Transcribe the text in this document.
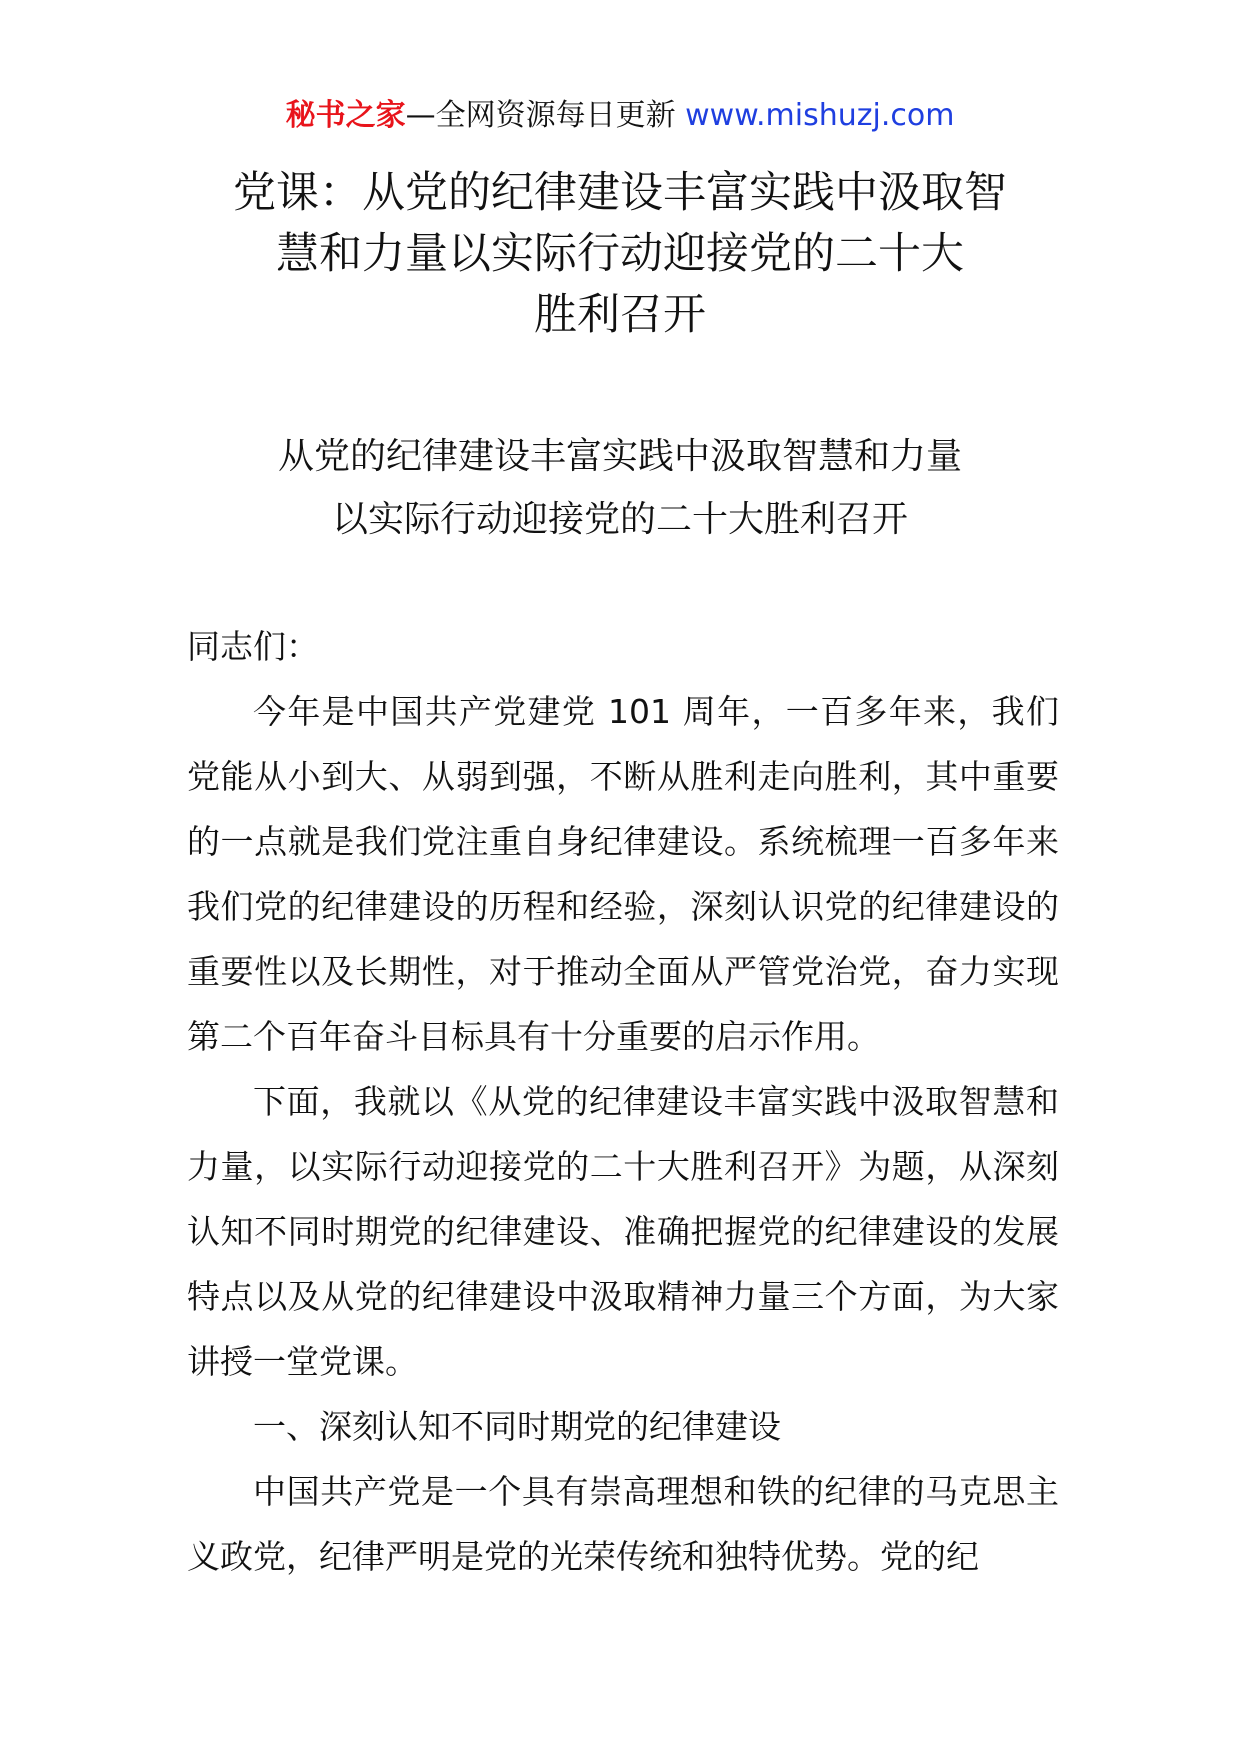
秘书之家—全网资源每日更新 www.mishuzj.com
党课：从党的纪律建设丰富实践中汲取智
慧和力量以实际行动迎接党的二十大
胜利召开
从党的纪律建设丰富实践中汲取智慧和力量
以实际行动迎接党的二十大胜利召开

同志们：

今年是中国共产党建党 101 周年，一百多年来，我们党能从小到大、从弱到强，不断从胜利走向胜利，其中重要的一点就是我们党注重自身纪律建设。系统梳理一百多年来我们党的纪律建设的历程和经验，深刻认识党的纪律建设的重要性以及长期性，对于推动全面从严管党治党，奋力实现第二个百年奋斗目标具有十分重要的启示作用。

下面，我就以《从党的纪律建设丰富实践中汲取智慧和力量，以实际行动迎接党的二十大胜利召开》为题，从深刻认知不同时期党的纪律建设、准确把握党的纪律建设的发展特点以及从党的纪律建设中汲取精神力量三个方面，为大家讲授一堂党课。

一、深刻认知不同时期党的纪律建设

中国共产党是一个具有崇高理想和铁的纪律的马克思主义政党，纪律严明是党的光荣传统和独特优势。党的纪
